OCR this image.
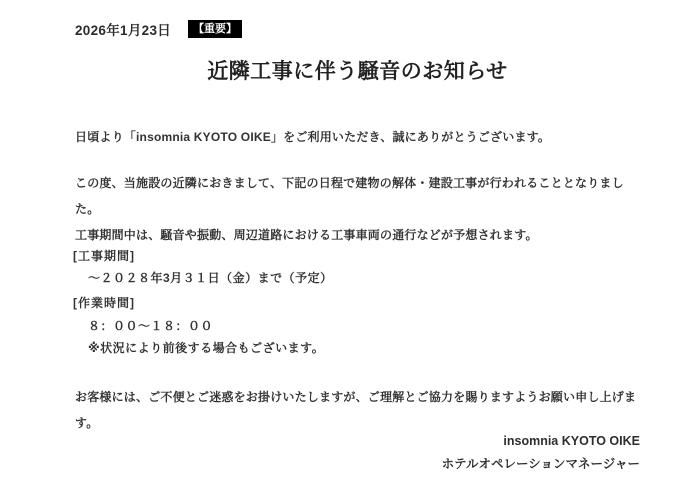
2026年1月23日	【重要】
近隣工事に伴う騒音のお知らせ

日頃より「insomnia KYOTO OIKE」をご利用いただき、誠にありがとうございます。

この度、当施設の近隣におきまして、下記の日程で建物の解体・建設工事が行われることとなりました。
工事期間中は、騒音や振動、周辺道路における工事車両の通行などが予想されます。
[工事期間]
～２０２８年3月３１日（金）まで（予定）
[作業時間]
８：００～１８：００
※状況により前後する場合もございます。

お客様には、ご不便とご迷惑をお掛けいたしますが、ご理解とご協力を賜りますようお願い申し上げます。

insomnia KYOTO OIKE
ホテルオペレーションマネージャー
